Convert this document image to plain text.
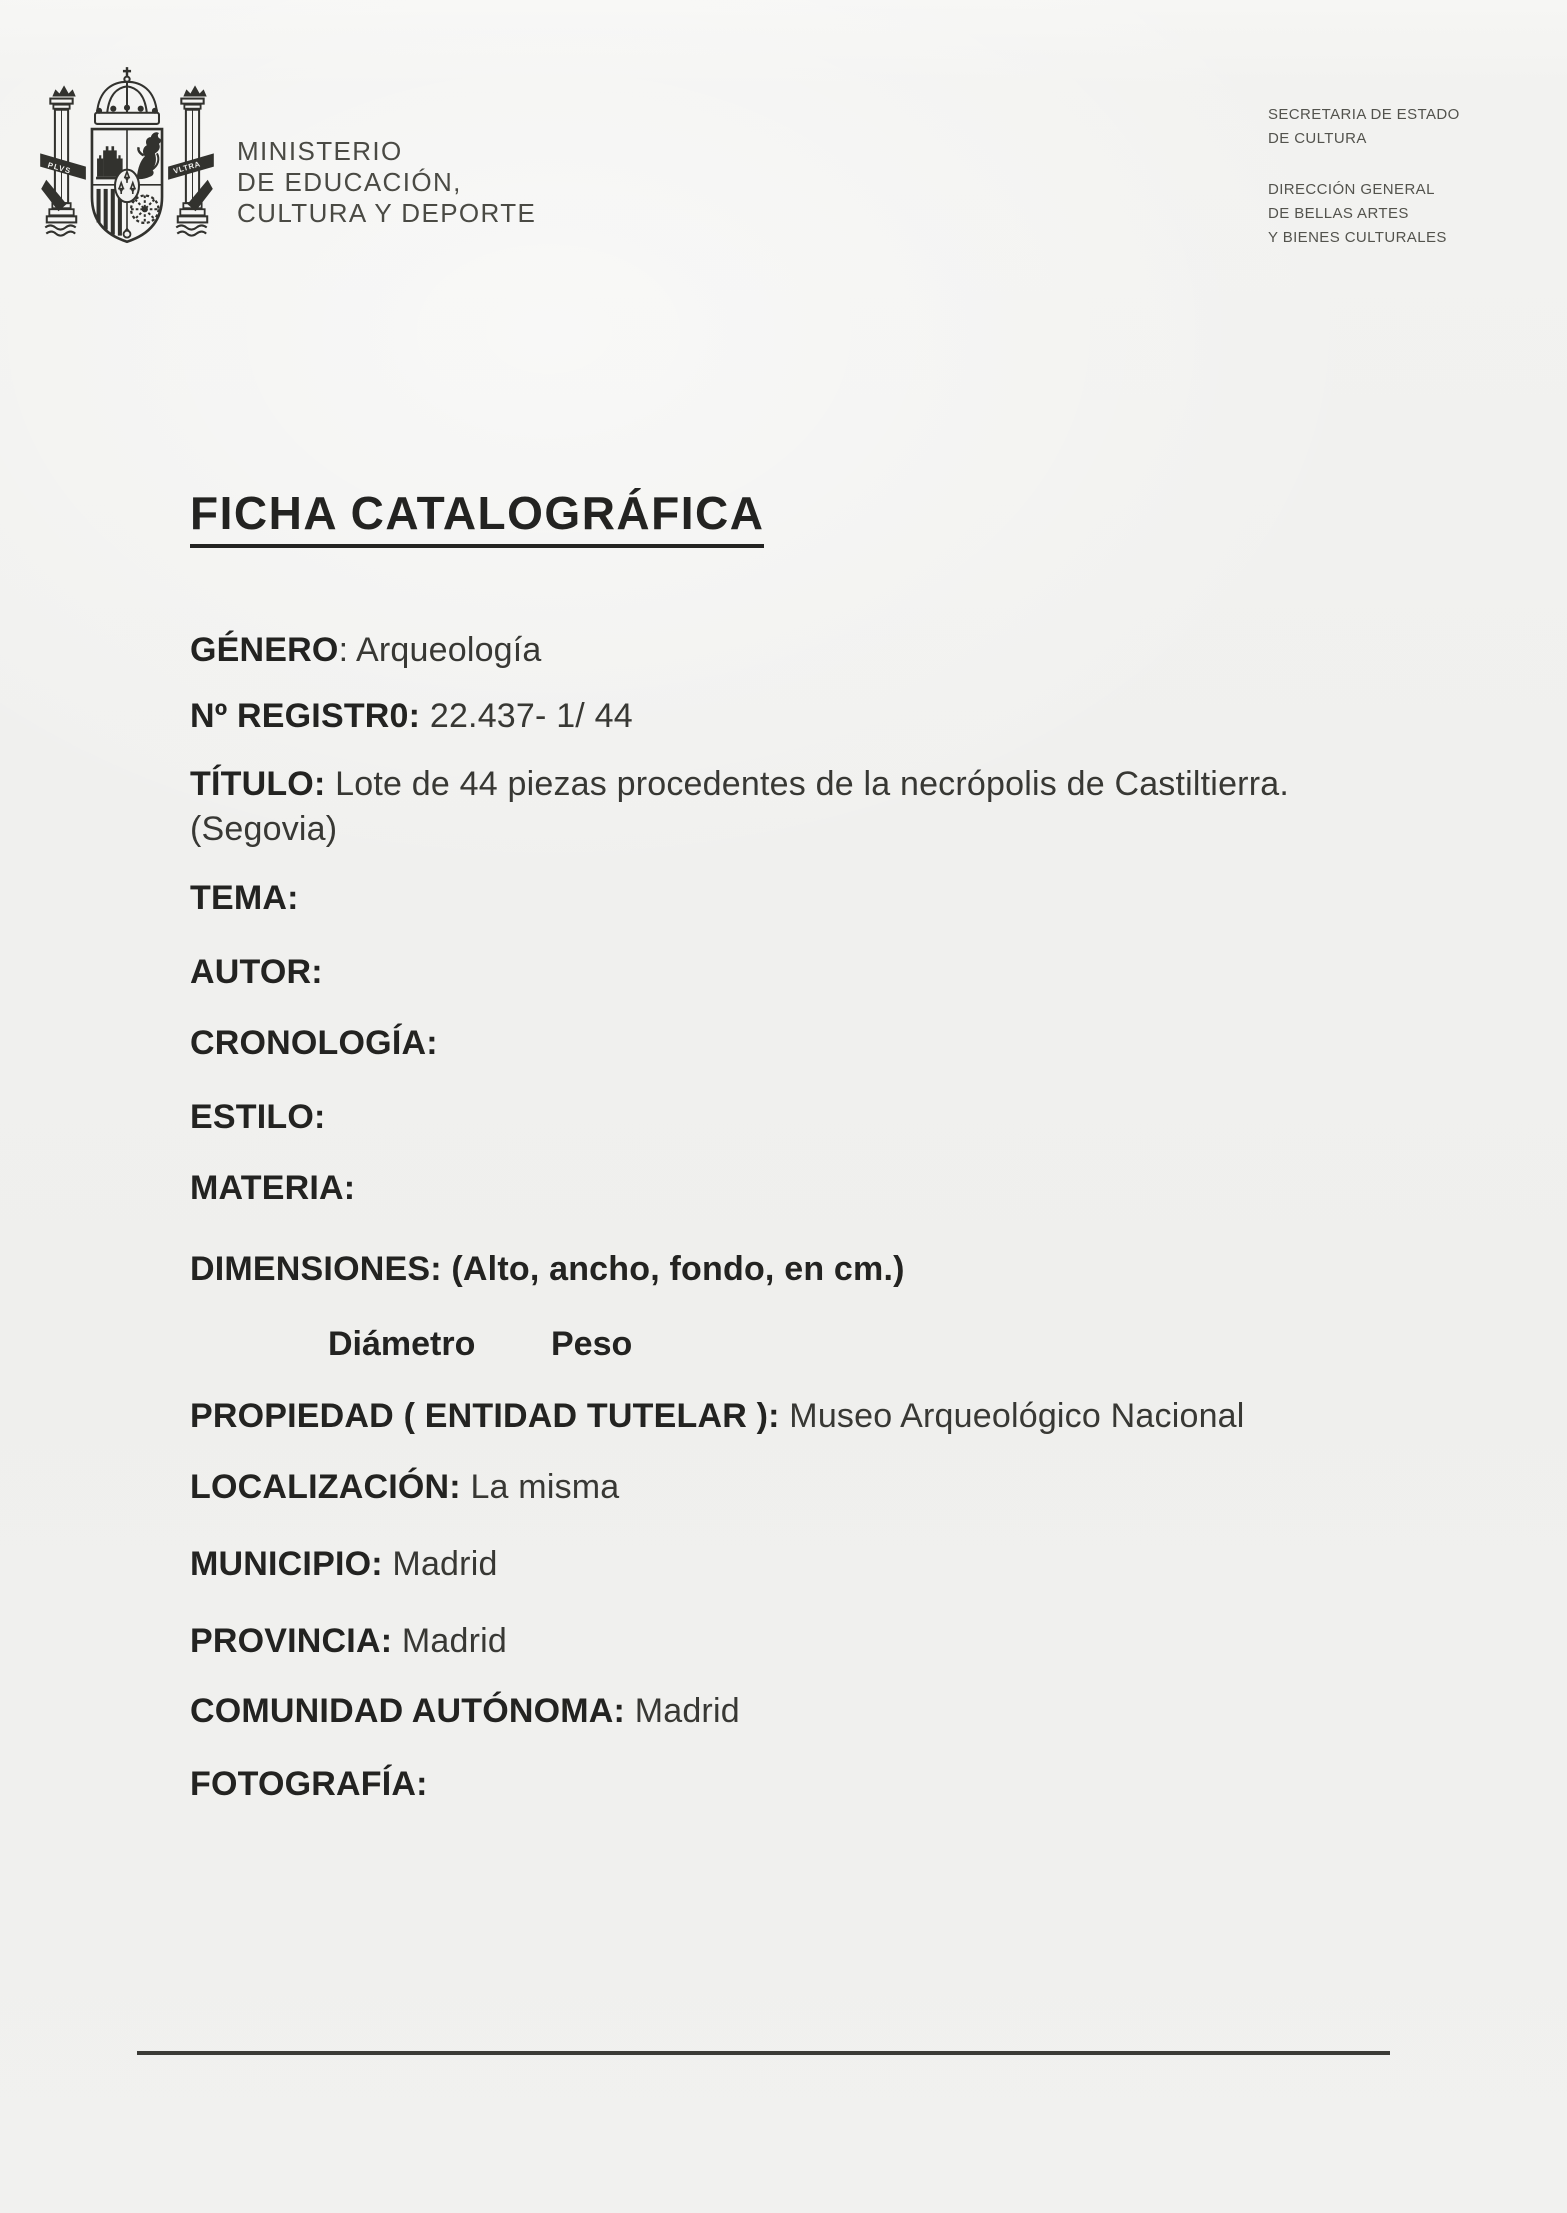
PLVS	VLTRA
MINISTERIO
DE EDUCACIÓN,
CULTURA Y DEPORTE
SECRETARIA DE ESTADO
DE CULTURA
DIRECCIÓN GENERAL
DE BELLAS ARTES
Y BIENES CULTURALES
FICHA CATALOGRÁFICA
GÉNERO: Arqueología
Nº REGISTR0: 22.437- 1/ 44
TÍTULO: Lote de 44 piezas procedentes de la necrópolis de Castiltierra.
(Segovia)
TEMA:
AUTOR:
CRONOLOGÍA:
ESTILO:
MATERIA:
DIMENSIONES: (Alto, ancho, fondo, en cm.)
Diámetro Peso
PROPIEDAD ( ENTIDAD TUTELAR ): Museo Arqueológico Nacional
LOCALIZACIÓN: La misma
MUNICIPIO: Madrid
PROVINCIA: Madrid
COMUNIDAD AUTÓNOMA: Madrid
FOTOGRAFÍA:
